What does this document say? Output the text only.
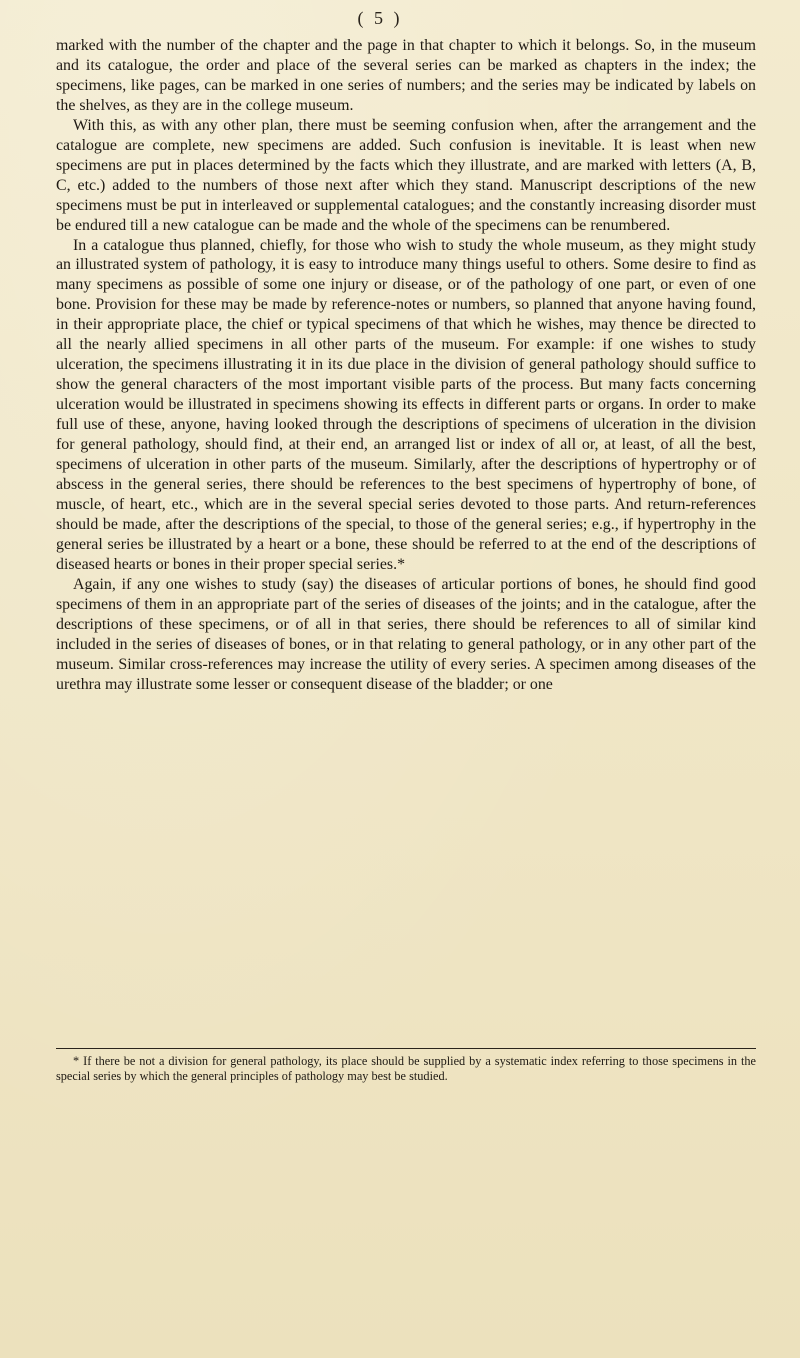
( 5 )

marked with the number of the chapter and the page in that chapter to which it belongs. So, in the museum and its catalogue, the order and place of the several series can be marked as chapters in the index; the specimens, like pages, can be marked in one series of numbers; and the series may be indicated by labels on the shelves, as they are in the college museum.

With this, as with any other plan, there must be seeming confusion when, after the arrangement and the catalogue are complete, new specimens are added. Such confusion is inevitable. It is least when new specimens are put in places determined by the facts which they illustrate, and are marked with letters (A, B, C, etc.) added to the numbers of those next after which they stand. Manuscript descriptions of the new specimens must be put in interleaved or supplemental catalogues; and the constantly increasing disorder must be endured till a new catalogue can be made and the whole of the specimens can be renumbered.

In a catalogue thus planned, chiefly, for those who wish to study the whole museum, as they might study an illustrated system of pathology, it is easy to introduce many things useful to others. Some desire to find as many specimens as possible of some one injury or disease, or of the pathology of one part, or even of one bone. Provision for these may be made by reference-notes or numbers, so planned that anyone having found, in their appropriate place, the chief or typical specimens of that which he wishes, may thence be directed to all the nearly allied specimens in all other parts of the museum. For example: if one wishes to study ulceration, the specimens illustrating it in its due place in the division of general pathology should suffice to show the general characters of the most important visible parts of the process. But many facts concerning ulceration would be illustrated in specimens showing its effects in different parts or organs. In order to make full use of these, anyone, having looked through the descriptions of specimens of ulceration in the division for general pathology, should find, at their end, an arranged list or index of all or, at least, of all the best, specimens of ulceration in other parts of the museum. Similarly, after the descriptions of hypertrophy or of abscess in the general series, there should be references to the best specimens of hypertrophy of bone, of muscle, of heart, etc., which are in the several special series devoted to those parts. And return-references should be made, after the descriptions of the special, to those of the general series; e.g., if hypertrophy in the general series be illustrated by a heart or a bone, these should be referred to at the end of the descriptions of diseased hearts or bones in their proper special series.*

Again, if any one wishes to study (say) the diseases of articular portions of bones, he should find good specimens of them in an appropriate part of the series of diseases of the joints; and in the catalogue, after the descriptions of these specimens, or of all in that series, there should be references to all of similar kind included in the series of diseases of bones, or in that relating to general pathology, or in any other part of the museum. Similar cross-references may increase the utility of every series. A specimen among diseases of the urethra may illustrate some lesser or consequent disease of the bladder; or one

* If there be not a division for general pathology, its place should be supplied by a systematic index referring to those specimens in the special series by which the general principles of pathology may best be studied.
